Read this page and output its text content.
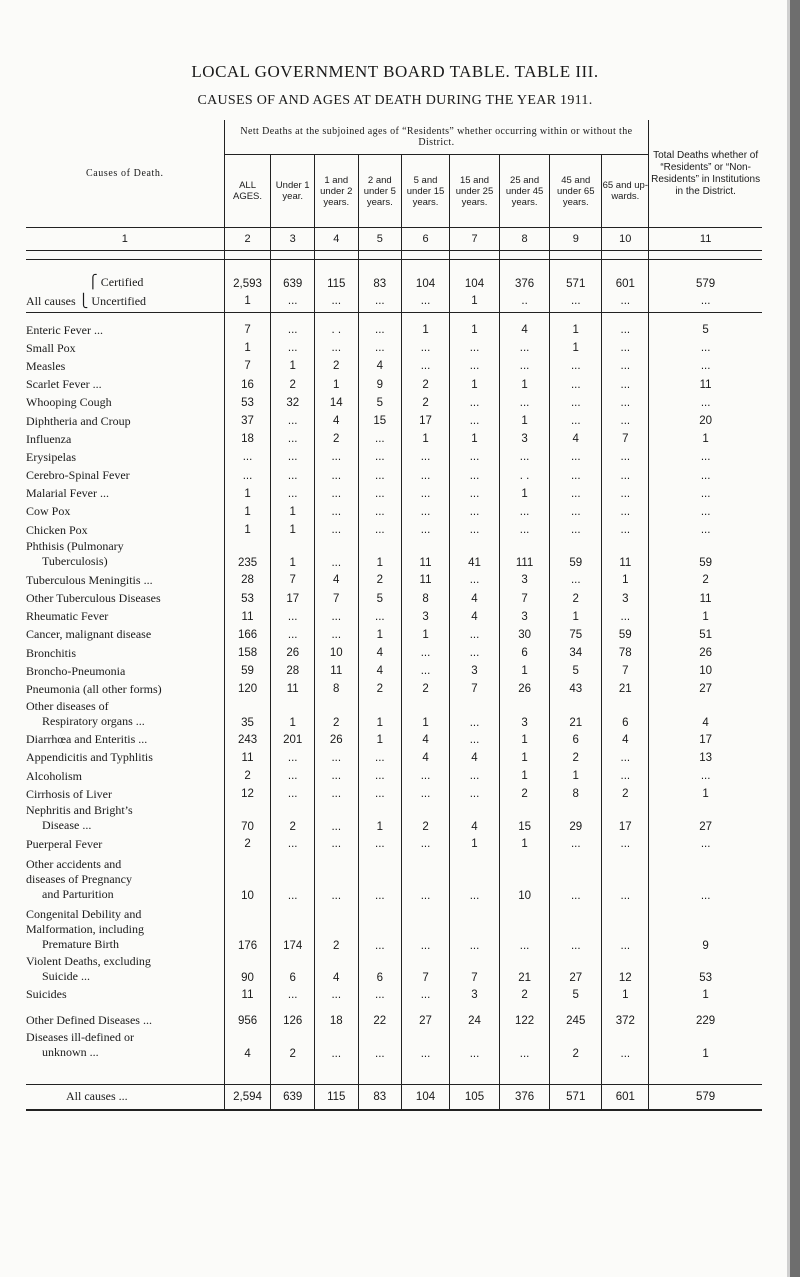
LOCAL GOVERNMENT BOARD TABLE. TABLE III.
CAUSES OF AND AGES AT DEATH DURING THE YEAR 1911.
Causes of Death.	Nett Deaths at the subjoined ages of “Residents” whether occurring within or without the District.									Total Deaths whether of “Residents” or “Non-Residents” in Institutions in the District.
	ALL AGES.	Under 1 year.	1 and under 2 years.	2 and under 5 years.	5 and under 15 years.	15 and under 25 years.	25 and under 45 years.	45 and under 65 years.	65 and up-wards.	
1	2	3	4	5	6	7	8	9	10	11

⎧ Certified	2,593	639	115	83	104	104	376	571	601	579
All causes ⎩ Uncertified	1	...	...	...	...	1	..	...	...	...

Enteric Fever ...	7	...	. .	...	1	1	4	1	...	5

Small Pox	1	...	...	...	...	...	...	1	...	...

Measles	7	1	2	4	...	...	...	...	...	...

Scarlet Fever ...	16	2	1	9	2	1	1	...	...	11

Whooping Cough	53	32	14	5	2	...	...	...	...	...

Diphtheria and Croup	37	...	4	15	17	...	1	...	...	20

Influenza	18	...	2	...	1	1	3	4	7	1

Erysipelas	...	...	...	...	...	...	...	...	...	...

Cerebro-Spinal Fever	...	...	...	...	...	...	. .	...	...	...

Malarial Fever ...	1	...	...	...	...	...	1	...	...	...

Cow Pox	1	1	...	...	...	...	...	...	...	...

Chicken Pox	1	1	...	...	...	...	...	...	...	...

Phthisis (Pulmonary
Tuberculosis)	235	1	...	1	11	41	111	59	11	59

Tuberculous Meningitis ...	28	7	4	2	11	...	3	...	1	2

Other Tuberculous Diseases	53	17	7	5	8	4	7	2	3	11

Rheumatic Fever	11	...	...	...	3	4	3	1	...	1

Cancer, malignant disease	166	...	...	1	1	...	30	75	59	51

Bronchitis	158	26	10	4	...	...	6	34	78	26

Broncho-Pneumonia	59	28	11	4	...	3	1	5	7	10

Pneumonia (all other forms)	120	11	8	2	2	7	26	43	21	27

Other diseases of
Respiratory organs ...	35	1	2	1	1	...	3	21	6	4

Diarrhœa and Enteritis ...	243	201	26	1	4	...	1	6	4	17

Appendicitis and Typhlitis	11	...	...	...	4	4	1	2	...	13

Alcoholism	2	...	...	...	...	...	1	1	...	...

Cirrhosis of Liver	12	...	...	...	...	...	2	8	2	1

Nephritis and Bright’s
Disease ...	70	2	...	1	2	4	15	29	17	27

Puerperal Fever	2	...	...	...	...	1	1	...	...	...

Other accidents and
diseases of Pregnancy
and Parturition	10	...	...	...	...	...	10	...	...	...

Congenital Debility and
Malformation, including
Premature Birth	176	174	2	...	...	...	...	...	...	9

Violent Deaths, excluding
Suicide ...	90	6	4	6	7	7	21	27	12	53

Suicides	11	...	...	...	...	3	2	5	1	1

Other Defined Diseases ...	956	126	18	22	27	24	122	245	372	229

Diseases ill-defined or
unknown ...	4	2	...	...	...	...	...	2	...	1

All causes ...	2,594	639	115	83	104	105	376	571	601	579
